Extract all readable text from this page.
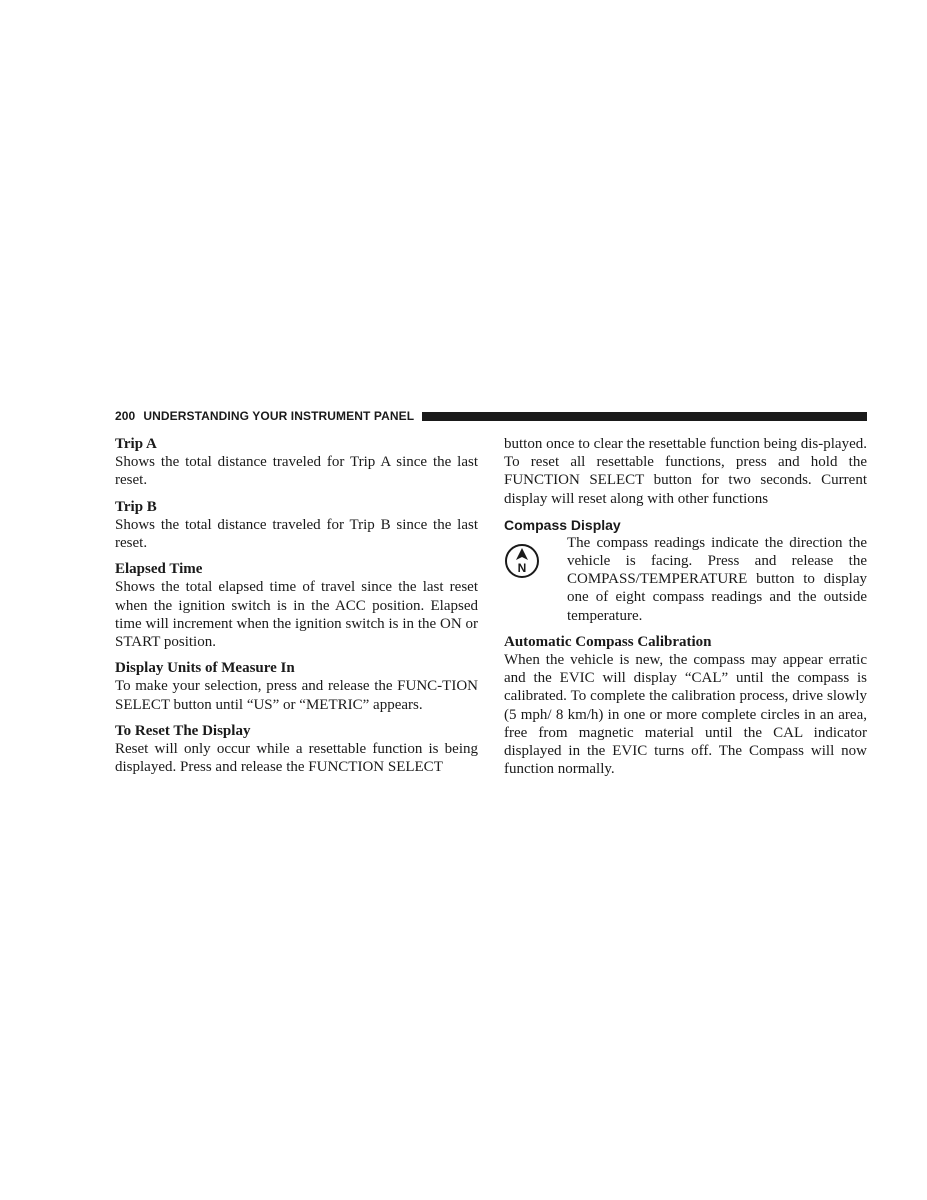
200 UNDERSTANDING YOUR INSTRUMENT PANEL
Trip A

Shows the total distance traveled for Trip A since the last reset.

Trip B

Shows the total distance traveled for Trip B since the last reset.

Elapsed Time

Shows the total elapsed time of travel since the last reset when the ignition switch is in the ACC position. Elapsed time will increment when the ignition switch is in the ON or START position.

Display Units of Measure In

To make your selection, press and release the FUNC-TION SELECT button until “US” or “METRIC” appears.

To Reset The Display

Reset will only occur while a resettable function is being displayed. Press and release the FUNCTION SELECT

button once to clear the resettable function being dis-played. To reset all resettable functions, press and hold the FUNCTION SELECT button for two seconds. Current display will reset along with other functions

Compass Display
N

The compass readings indicate the direction the vehicle is facing. Press and release the COMPASS/TEMPERATURE button to display one of eight compass readings and the outside temperature.

Automatic Compass Calibration

When the vehicle is new, the compass may appear erratic and the EVIC will display “CAL” until the compass is calibrated. To complete the calibration process, drive slowly (5 mph/ 8 km/h) in one or more complete circles in an area, free from magnetic material until the CAL indicator displayed in the EVIC turns off. The Compass will now function normally.
